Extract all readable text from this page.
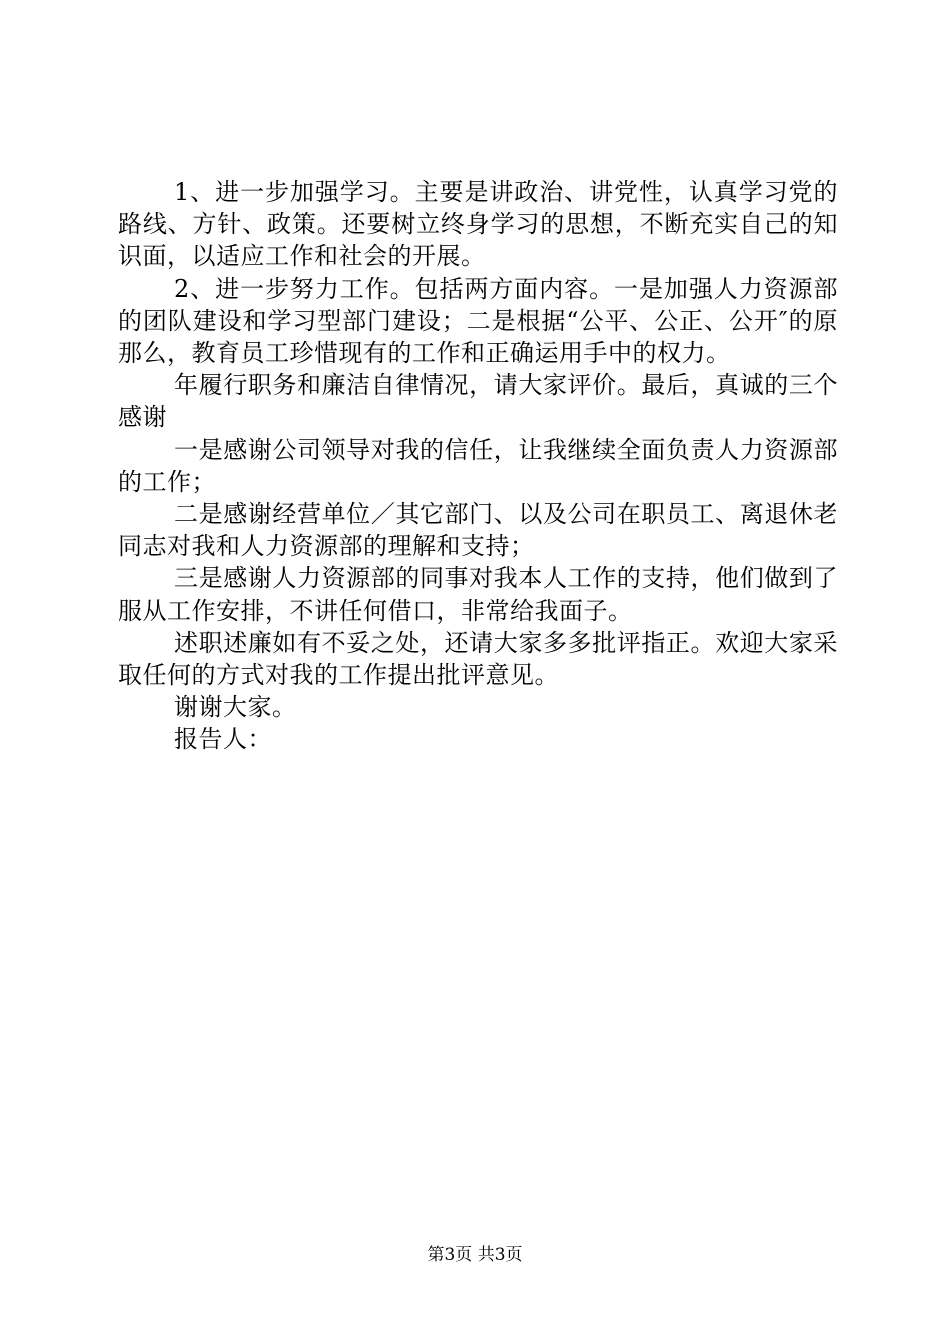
1、进一步加强学习。主要是讲政治、讲党性，认真学习党的路线、方针、政策。还要树立终身学习的思想，不断充实自己的知识面，以适应工作和社会的开展。

2、进一步努力工作。包括两方面内容。一是加强人力资源部的团队建设和学习型部门建设；二是根据“公平、公正、公开″的原那么，教育员工珍惜现有的工作和正确运用手中的权力。

年履行职务和廉洁自律情况，请大家评价。最后，真诚的三个感谢

一是感谢公司领导对我的信任，让我继续全面负责人力资源部的工作；

二是感谢经营单位／其它部门、以及公司在职员工、离退休老同志对我和人力资源部的理解和支持；

三是感谢人力资源部的同事对我本人工作的支持，他们做到了服从工作安排，不讲任何借口，非常给我面子。

述职述廉如有不妥之处，还请大家多多批评指正。欢迎大家采取任何的方式对我的工作提出批评意见。

谢谢大家。

报告人：

第3页 共3页
